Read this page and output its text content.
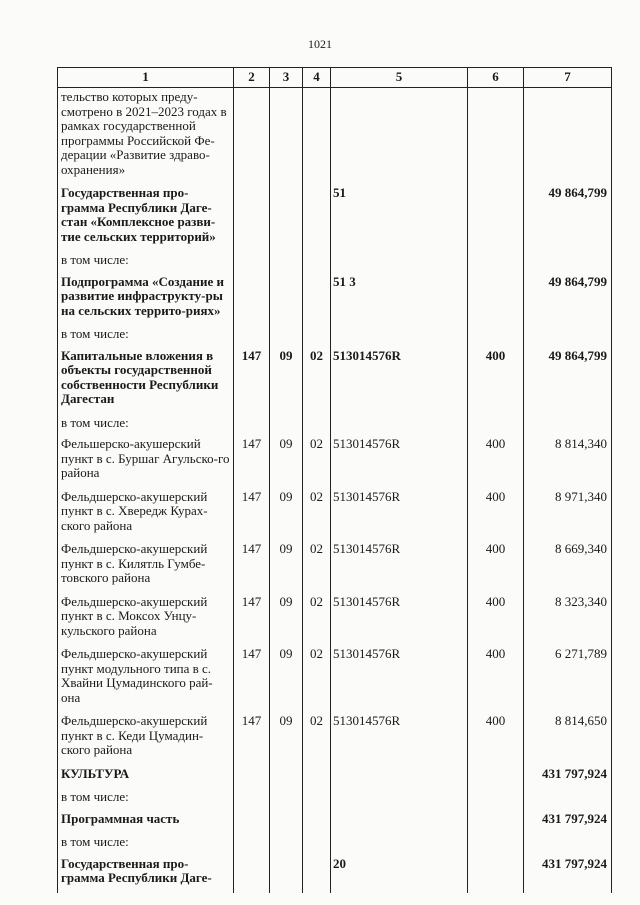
1021
1	2	3	4	5	6	7
тельство которых преду-смотрено в 2021–2023 годах в рамках государственной программы Российской Фе-дерации «Развитие здраво-охранения»						
Государственная про-грамма Республики Даге-стан «Комплексное разви-тие сельских территорий»				51		49 864,799
в том числе:						
Подпрограмма «Создание и развитие инфраструкту-ры на сельских террито-риях»				51 3		49 864,799
в том числе:						
Капитальные вложения в объекты государственной собственности Республики Дагестан	147	09	02	513014576R	400	49 864,799
в том числе:						
Фельшерско-акушерский пункт в с. Буршаг Агульско-го района	147	09	02	513014576R	400	8 814,340
Фельдшерско-акушерский пункт в с. Хвередж Курах-ского района	147	09	02	513014576R	400	8 971,340
Фельдшерско-акушерский пункт в с. Килятль Гумбе-товского района	147	09	02	513014576R	400	8 669,340
Фельдшерско-акушерский пункт в с. Моксох Унцу-кульского района	147	09	02	513014576R	400	8 323,340
Фельдшерско-акушерский пункт модульного типа в с. Хвайни Цумадинского рай-она	147	09	02	513014576R	400	6 271,789
Фельдшерско-акушерский пункт в с. Кеди Цумадин-ского района	147	09	02	513014576R	400	8 814,650
КУЛЬТУРА						431 797,924
в том числе:						
Программная часть						431 797,924
в том числе:						
Государственная про-грамма Республики Даге-				20		431 797,924
